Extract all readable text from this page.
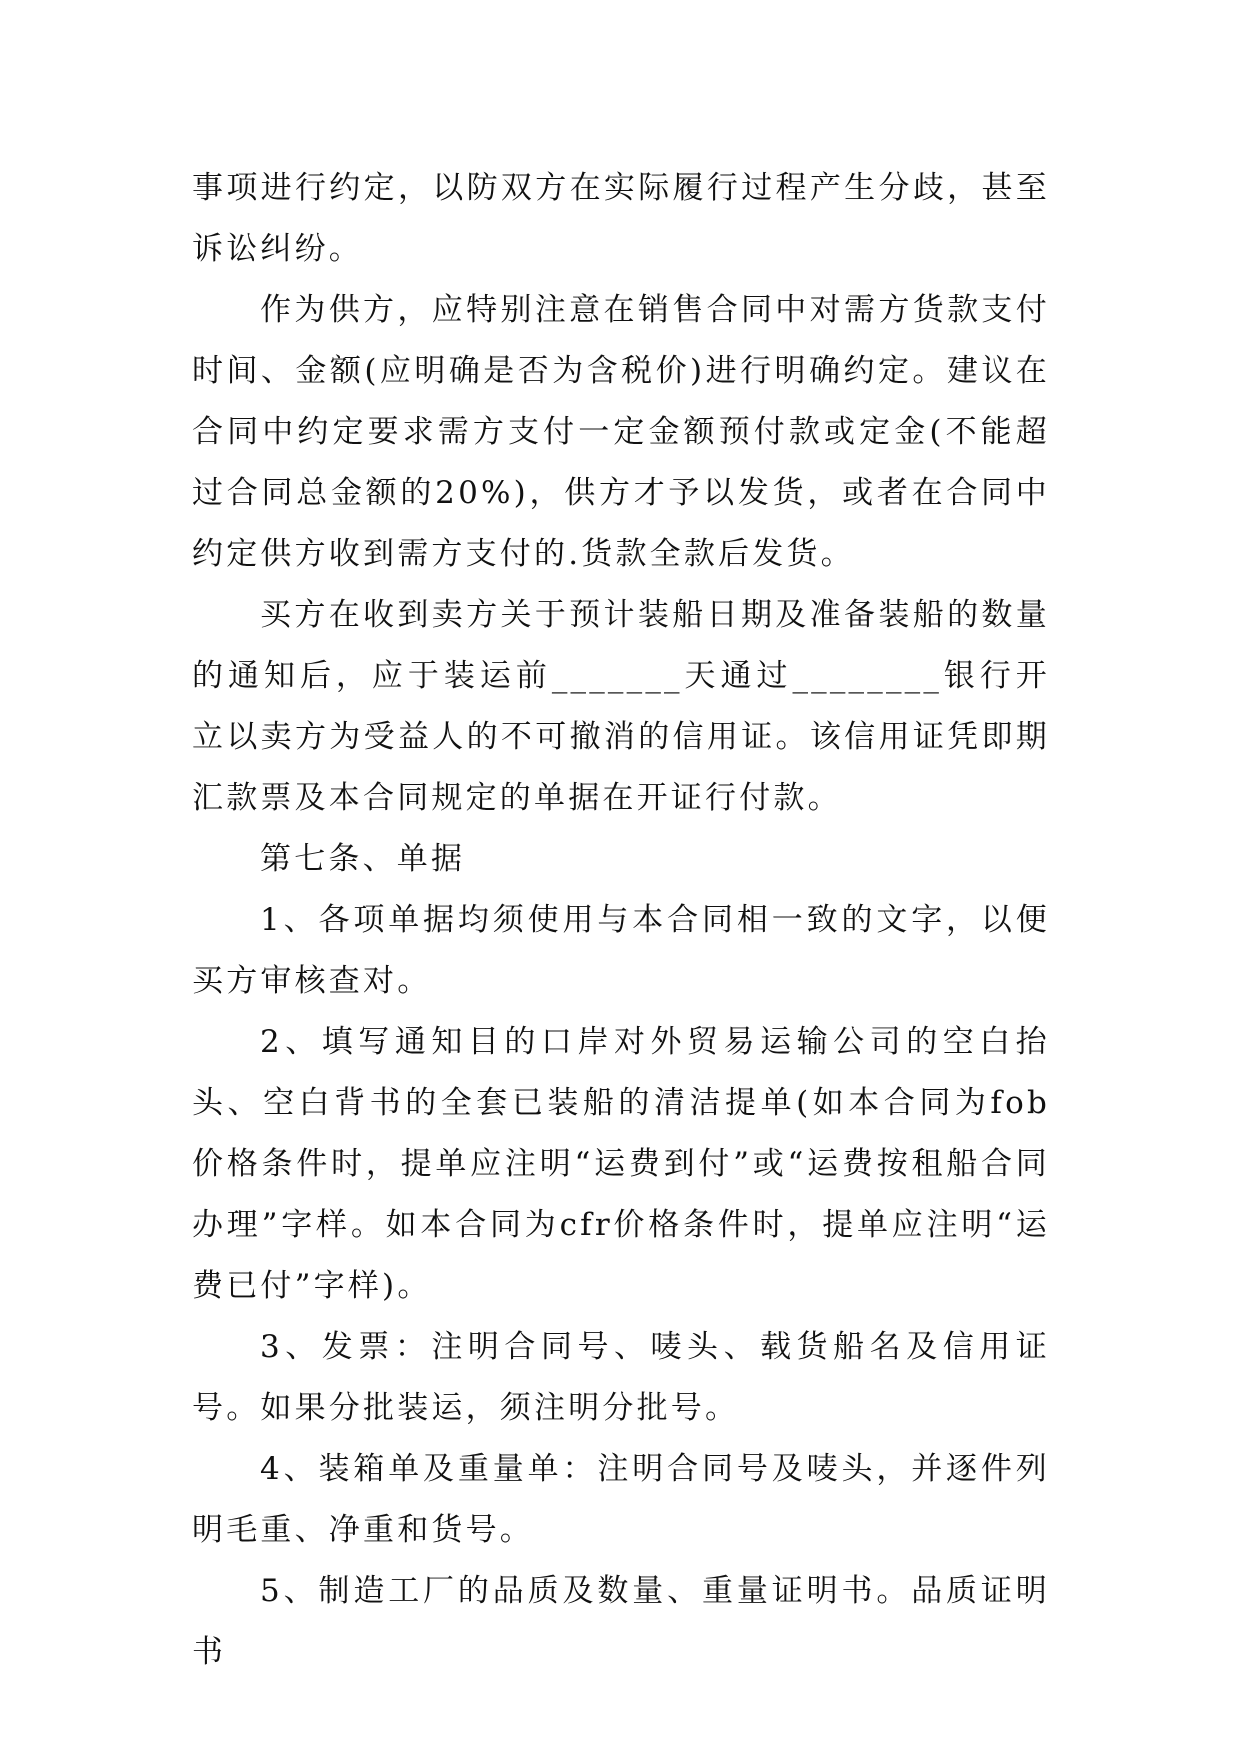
事项进行约定，以防双方在实际履行过程产生分歧，甚至诉讼纠纷。

作为供方，应特别注意在销售合同中对需方货款支付时间、金额(应明确是否为含税价)进行明确约定。建议在合同中约定要求需方支付一定金额预付款或定金(不能超过合同总金额的20%)，供方才予以发货，或者在合同中约定供方收到需方支付的.货款全款后发货。

买方在收到卖方关于预计装船日期及准备装船的数量的通知后，应于装运前_______天通过________银行开立以卖方为受益人的不可撤消的信用证。该信用证凭即期汇款票及本合同规定的单据在开证行付款。

第七条、单据

1、各项单据均须使用与本合同相一致的文字，以便买方审核查对。

2、填写通知目的口岸对外贸易运输公司的空白抬头、空白背书的全套已装船的清洁提单(如本合同为fob价格条件时，提单应注明“运费到付”或“运费按租船合同办理”字样。如本合同为cfr价格条件时，提单应注明“运费已付”字样)。

3、发票：注明合同号、唛头、载货船名及信用证号。如果分批装运，须注明分批号。

4、装箱单及重量单：注明合同号及唛头，并逐件列明毛重、净重和货号。

5、制造工厂的品质及数量、重量证明书。品质证明书
